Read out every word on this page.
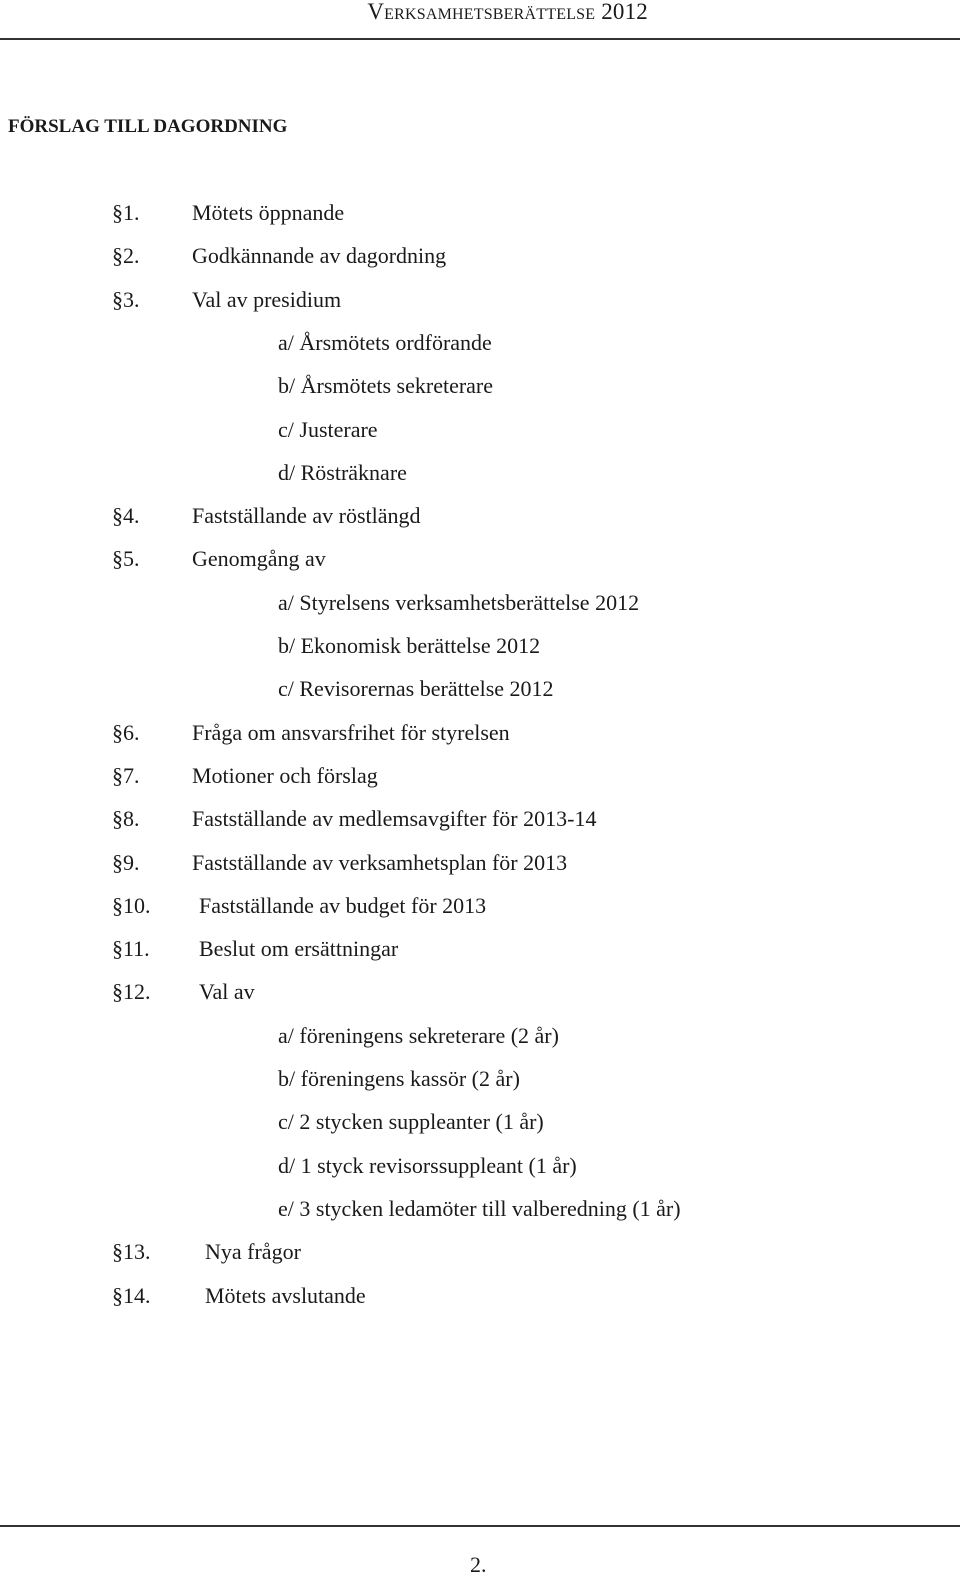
Verksamhetsberättelse 2012
FÖRSLAG TILL DAGORDNING
§1. Mötets öppnande
§2. Godkännande av dagordning
§3. Val av presidium
a/ Årsmötets ordförande
b/ Årsmötets sekreterare
c/ Justerare
d/ Rösträknare
§4. Fastställande av röstlängd
§5. Genomgång av
a/ Styrelsens verksamhetsberättelse 2012
b/ Ekonomisk berättelse 2012
c/ Revisorernas berättelse 2012
§6. Fråga om ansvarsfrihet för styrelsen
§7. Motioner och förslag
§8. Fastställande av medlemsavgifter för 2013-14
§9. Fastställande av verksamhetsplan för 2013
§10. Fastställande av budget för 2013
§11. Beslut om ersättningar
§12. Val av
a/ föreningens sekreterare (2 år)
b/ föreningens kassör (2 år)
c/ 2 stycken suppleanter (1 år)
d/ 1 styck revisorssuppleant (1 år)
e/ 3 stycken ledamöter till valberedning (1 år)
§13. Nya frågor
§14. Mötets avslutande
2.
